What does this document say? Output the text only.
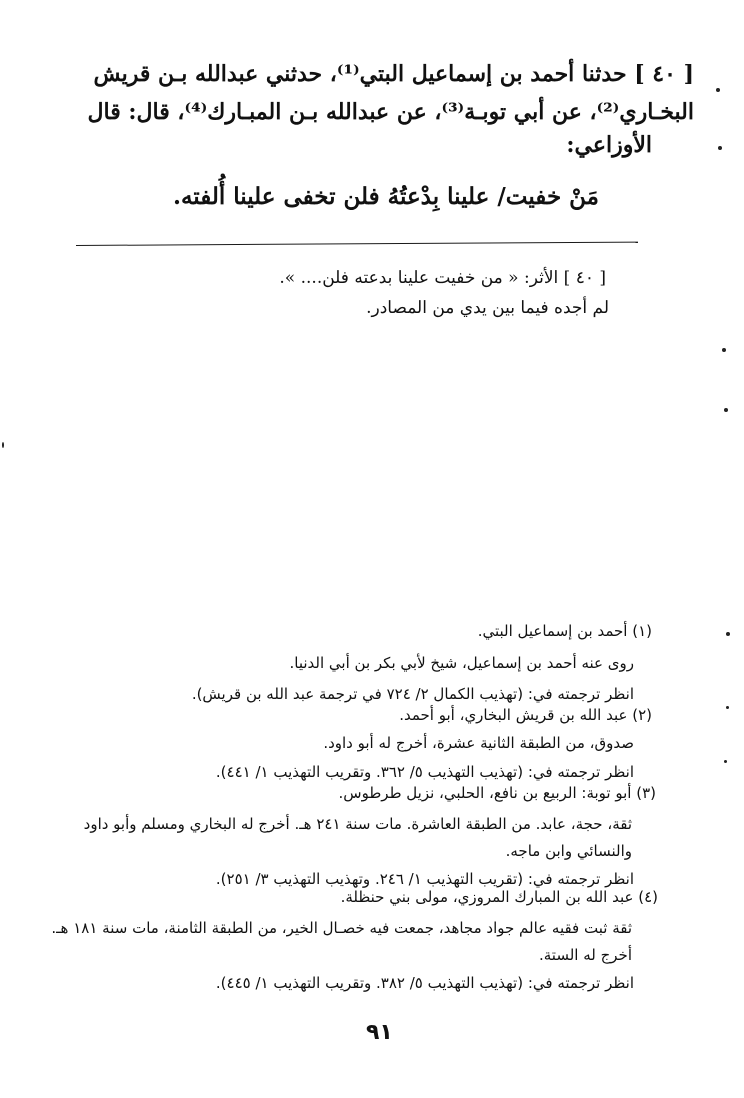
[ ٤٠ ] حدثنا أحمد بن إسماعيل البتي⁽¹⁾، حدثني عبدالله بـن قريش
البخـاري⁽²⁾، عن أبي توبـة⁽³⁾، عن عبدالله بـن المبـارك⁽⁴⁾، قال: قال
الأوزاعي:
مَنْ خفيت/ علينا بِدْعتُهُ فلن تخفى علينا أُلفته.
[ ٤٠ ] الأثر: « من خفيت علينا بدعته فلن.... ».
لم أجده فيما بين يدي من المصادر.
(١) أحمد بن إسماعيل البتي.
روى عنه أحمد بن إسماعيل، شيخ لأبي بكر بن أبي الدنيا.
انظر ترجمته في: (تهذيب الكمال ٢/ ٧٢٤ في ترجمة عبد الله بن قريش).
(٢) عبد الله بن قريش البخاري، أبو أحمد.
صدوق، من الطبقة الثانية عشرة، أخرج له أبو داود.
انظر ترجمته في: (تهذيب التهذيب ٥/ ٣٦٢. وتقريب التهذيب ١/ ٤٤١).
(٣) أبو توبة: الربيع بن نافع، الحلبي، نزيل طرطوس.
ثقة، حجة، عابد. من الطبقة العاشرة. مات سنة ٢٤١ هـ. أخرج له البخاري ومسلم وأبو داود
والنسائي وابن ماجه.
انظر ترجمته في: (تقريب التهذيب ١/ ٢٤٦. وتهذيب التهذيب ٣/ ٢٥١).
(٤) عبد الله بن المبارك المروزي، مولى بني حنظلة.
ثقة ثبت فقيه عالم جواد مجاهد، جمعت فيه خصـال الخير، من الطبقة الثامنة، مات سنة ١٨١ هـ.
أخرج له الستة.
انظر ترجمته في: (تهذيب التهذيب ٥/ ٣٨٢. وتقريب التهذيب ١/ ٤٤٥).
٩١
